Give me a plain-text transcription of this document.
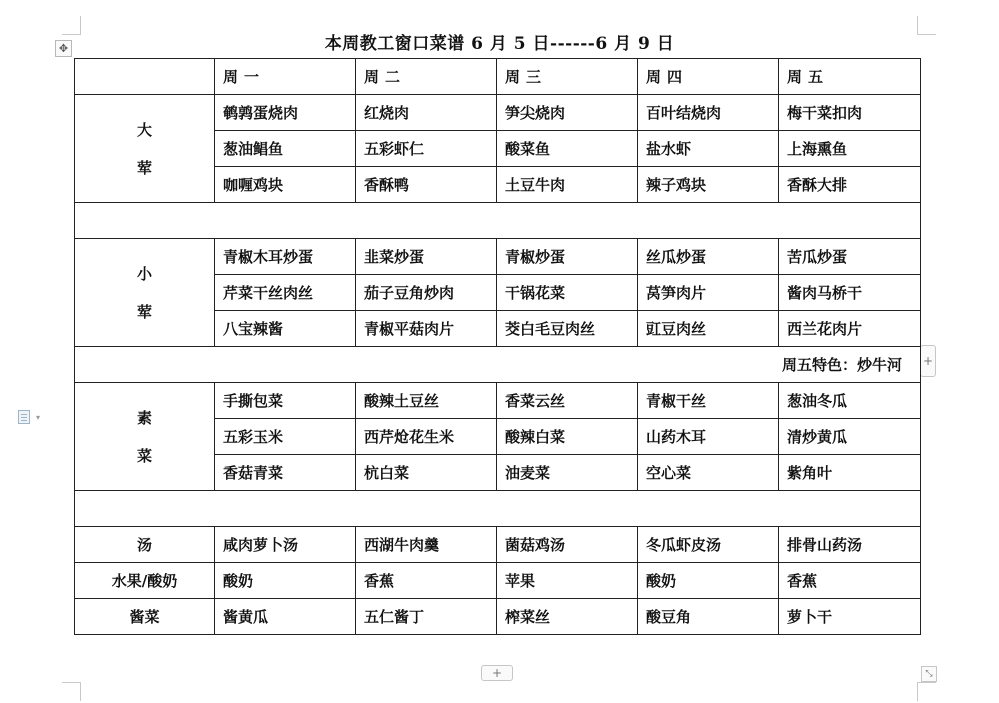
✥
▾
+
+	⤡
本周教工窗口菜谱 6 月 5 日------6 月 9 日
	周一	周二	周三	周四	周五

大
荤	鹌鹑蛋烧肉	红烧肉	笋尖烧肉	百叶结烧肉	梅干菜扣肉
	葱油鲳鱼	五彩虾仁	酸菜鱼	盐水虾	上海熏鱼
	咖喱鸡块	香酥鸭	土豆牛肉	辣子鸡块	香酥大排

小
荤	青椒木耳炒蛋	韭菜炒蛋	青椒炒蛋	丝瓜炒蛋	苦瓜炒蛋
	芹菜干丝肉丝	茄子豆角炒肉	干锅花菜	莴笋肉片	酱肉马桥干
	八宝辣酱	青椒平菇肉片	茭白毛豆肉丝	豇豆肉丝	西兰花肉片
周五特色：炒牛河					

素
菜	手撕包菜	酸辣土豆丝	香菜云丝	青椒干丝	葱油冬瓜
	五彩玉米	西芹炝花生米	酸辣白菜	山药木耳	清炒黄瓜
	香菇青菜	杭白菜	油麦菜	空心菜	紫角叶

汤	咸肉萝卜汤	西湖牛肉羹	菌菇鸡汤	冬瓜虾皮汤	排骨山药汤
水果/酸奶	酸奶	香蕉	苹果	酸奶	香蕉
酱菜	酱黄瓜	五仁酱丁	榨菜丝	酸豆角	萝卜干
